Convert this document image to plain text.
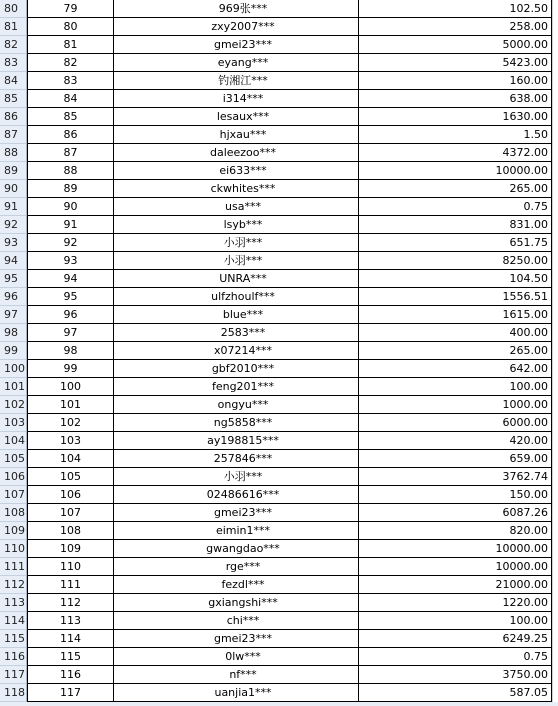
80	79	969张***	102.50
81	80	zxy2007***	258.00
82	81	gmei23***	5000.00
83	82	eyang***	5423.00
84	83	钓湘江***	160.00
85	84	i314***	638.00
86	85	lesaux***	1630.00
87	86	hjxau***	1.50
88	87	daleezoo***	4372.00
89	88	ei633***	10000.00
90	89	ckwhites***	265.00
91	90	usa***	0.75
92	91	lsyb***	831.00
93	92	小羽***	651.75
94	93	小羽***	8250.00
95	94	UNRA***	104.50
96	95	ulfzhoulf***	1556.51
97	96	blue***	1615.00
98	97	2583***	400.00
99	98	x07214***	265.00
100	99	gbf2010***	642.00
101	100	feng201***	100.00
102	101	ongyu***	1000.00
103	102	ng5858***	6000.00
104	103	ay198815***	420.00
105	104	257846***	659.00
106	105	小羽***	3762.74
107	106	02486616***	150.00
108	107	gmei23***	6087.26
109	108	eimin1***	820.00
110	109	gwangdao***	10000.00
111	110	rge***	10000.00
112	111	fezdl***	21000.00
113	112	gxiangshi***	1220.00
114	113	chi***	100.00
115	114	gmei23***	6249.25
116	115	0lw***	0.75
117	116	nf***	3750.00
118	117	uanjia1***	587.05
